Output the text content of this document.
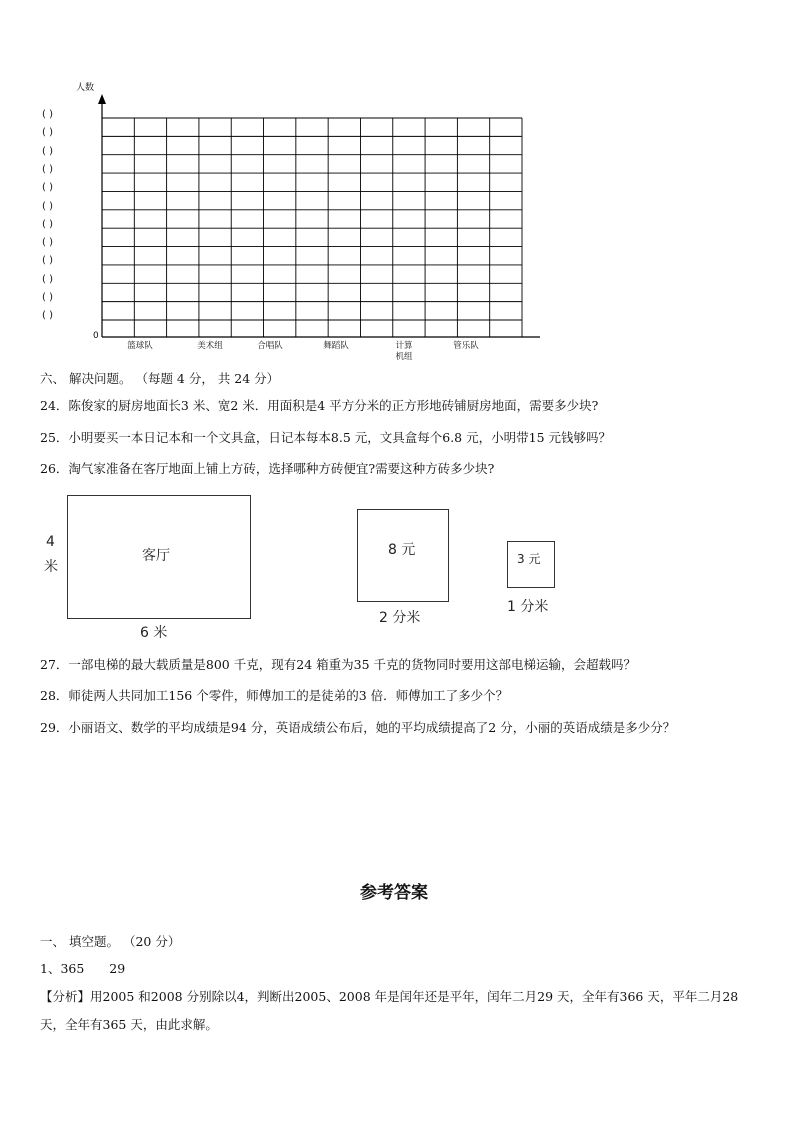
人数
( )
( )
( )
( )
( )
( )
( )
( )
( )
( )
( )
( )
0
篮球队	美术组	合唱队	舞蹈队	计算
机组
管乐队
六、 解决问题。 （每题 4 分， 共 24 分）
24．陈俊家的厨房地面长3 米、宽2 米．用面积是4 平方分米的正方形地砖铺厨房地面，需要多少块?
25．小明要买一本日记本和一个文具盒，日记本每本8.5 元，文具盒每个6.8 元，小明带15 元钱够吗？
26．淘气家准备在客厅地面上铺上方砖，选择哪种方砖便宜?需要这种方砖多少块?
客厅
4
米
6 米
8 元
2 分米
3 元
1 分米
27．一部电梯的最大载质量是800 千克，现有24 箱重为35 千克的货物同时要用这部电梯运输，会超载吗？
28．师徒两人共同加工156 个零件，师傅加工的是徒弟的3 倍．师傅加工了多少个？
29．小丽语文、数学的平均成绩是94 分，英语成绩公布后，她的平均成绩提高了2 分，小丽的英语成绩是多少分？
参考答案
一、 填空题。 （20 分）
1、365　　29
【分析】用2005 和2008 分别除以4，判断出2005、2008 年是闰年还是平年，闰年二月29 天，全年有366 天，平年二月28 天，全年有365 天，由此求解。
